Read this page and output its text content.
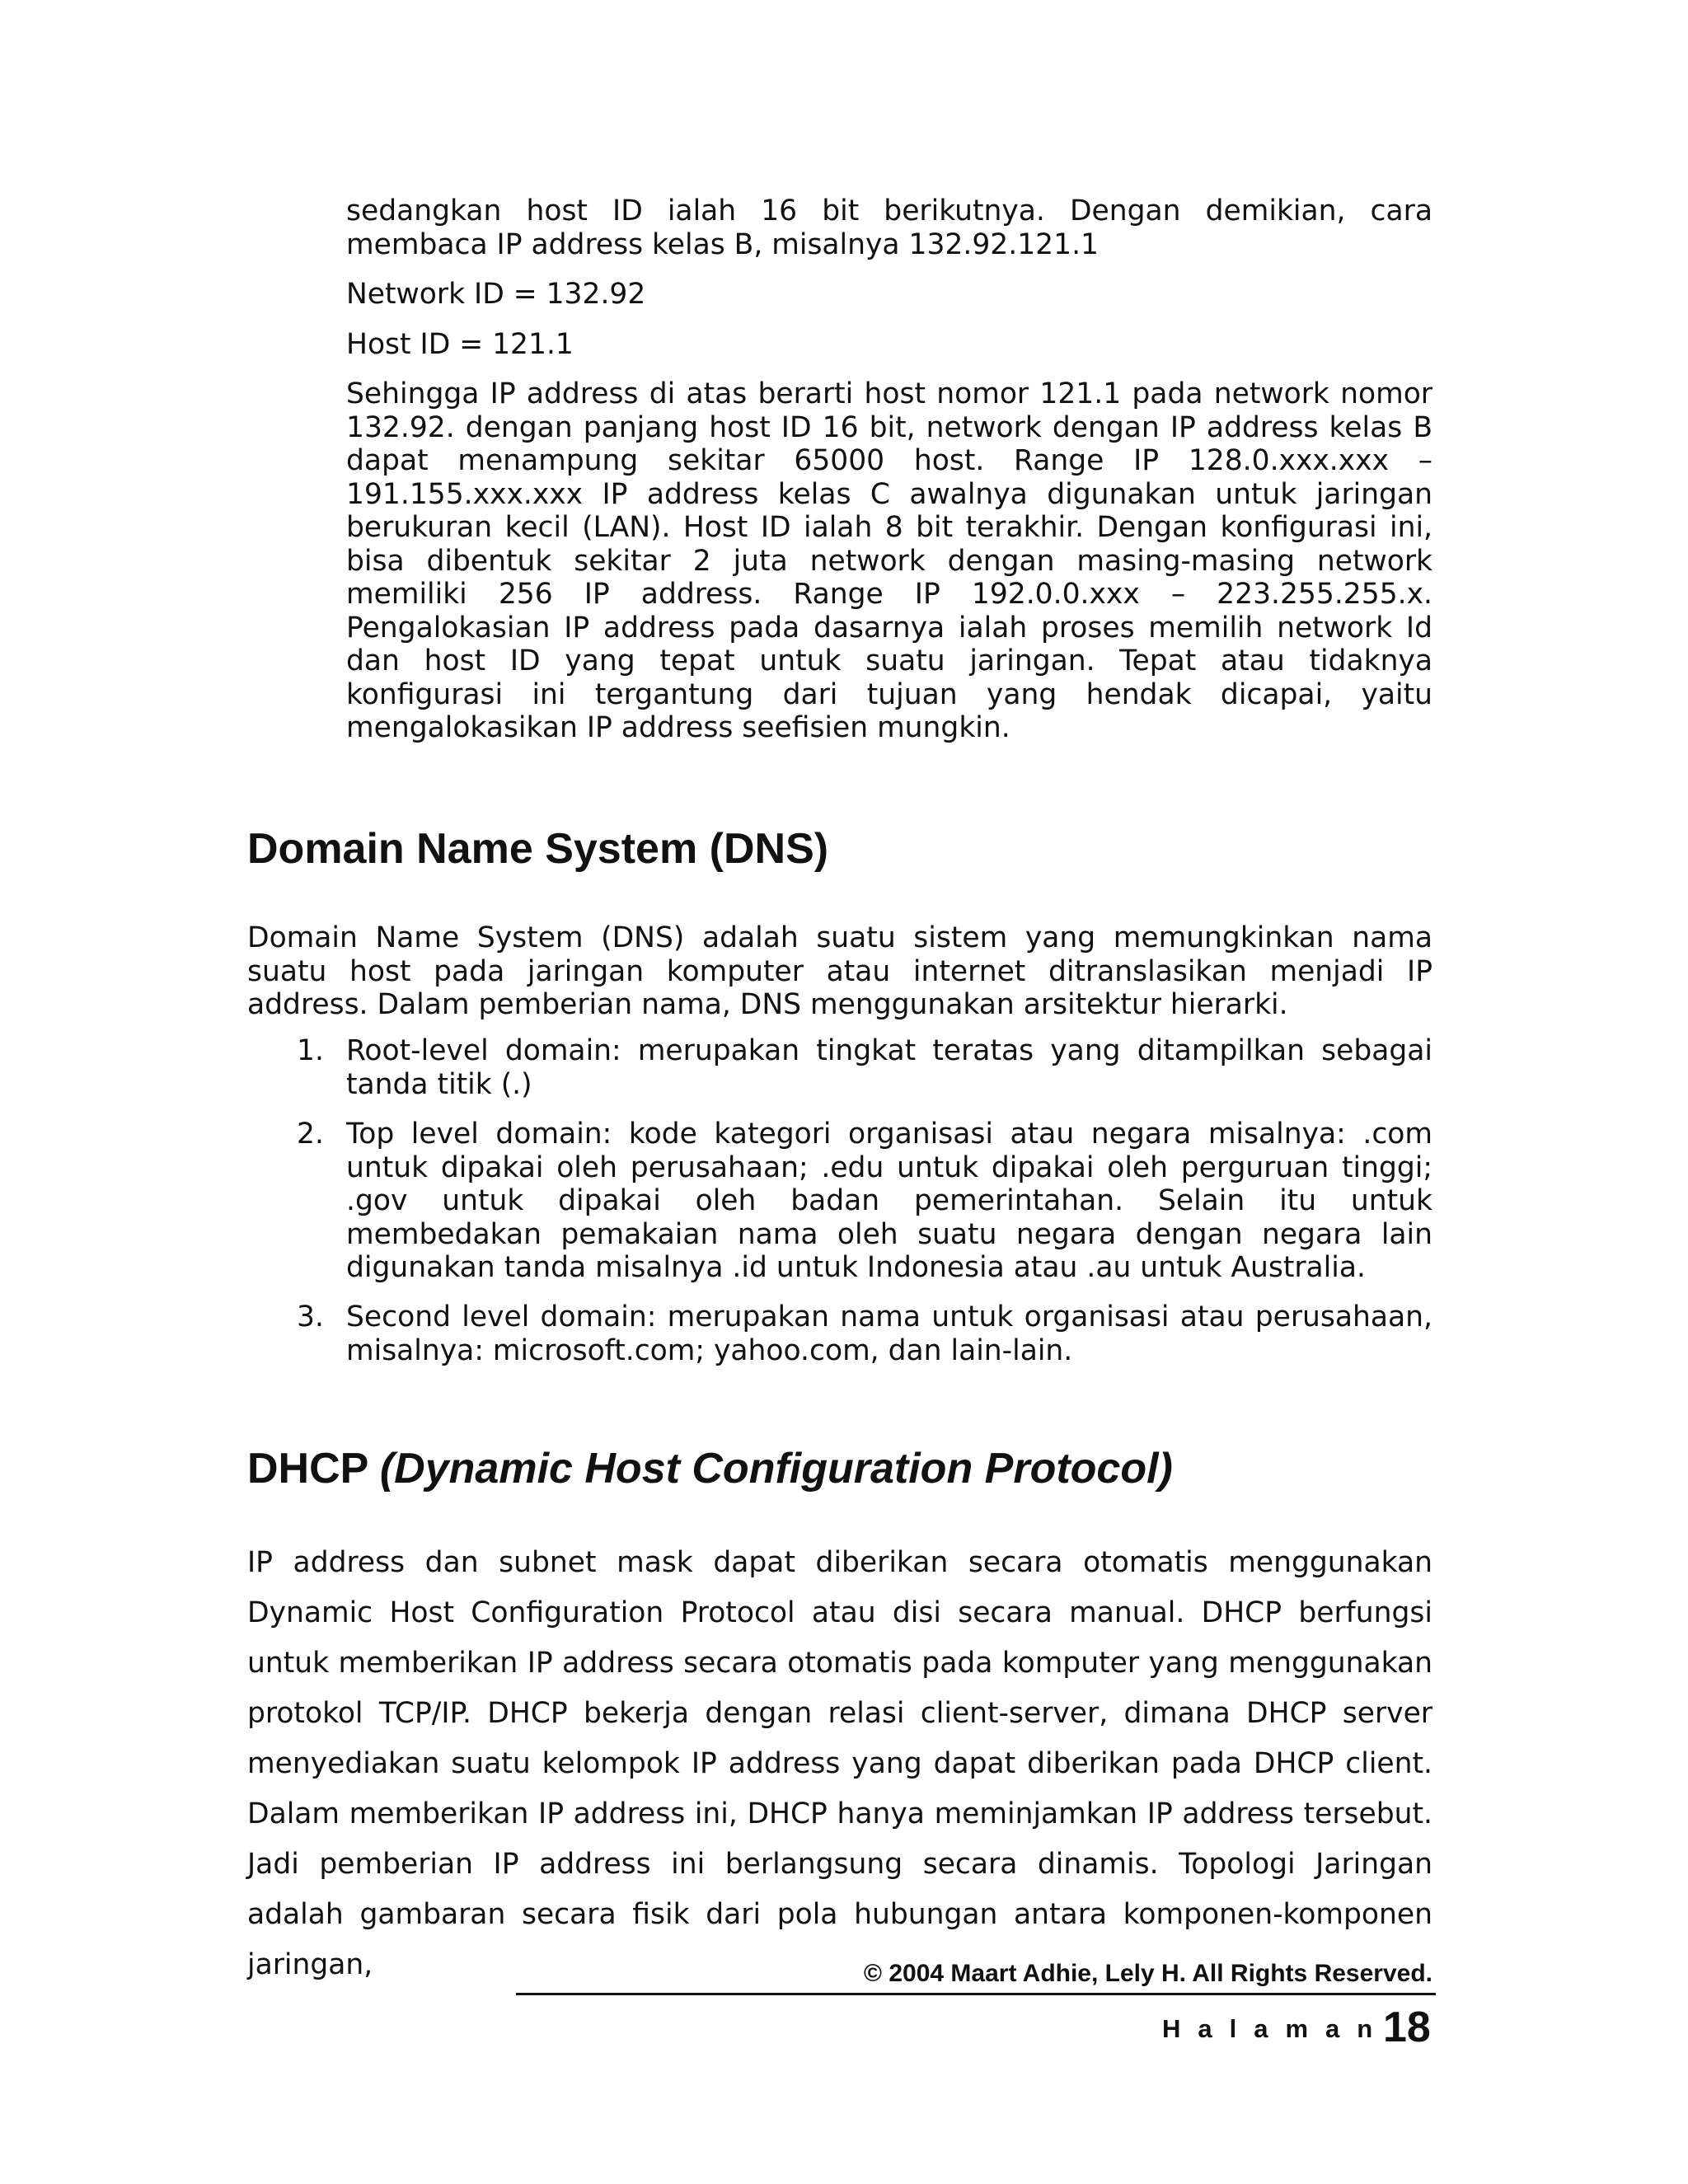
sedangkan host ID ialah 16 bit berikutnya. Dengan demikian, cara membaca IP address kelas B, misalnya 132.92.121.1

Network ID = 132.92

Host ID = 121.1

Sehingga IP address di atas berarti host nomor 121.1 pada network nomor 132.92. dengan panjang host ID 16 bit, network dengan IP address kelas B dapat menampung sekitar 65000 host. Range IP 128.0.xxx.xxx – 191.155.xxx.xxx IP address kelas C awalnya digunakan untuk jaringan berukuran kecil (LAN). Host ID ialah 8 bit terakhir. Dengan konfigurasi ini, bisa dibentuk sekitar 2 juta network dengan masing-masing network memiliki 256 IP address. Range IP 192.0.0.xxx – 223.255.255.x. Pengalokasian IP address pada dasarnya ialah proses memilih network Id dan host ID yang tepat untuk suatu jaringan. Tepat atau tidaknya konfigurasi ini tergantung dari tujuan yang hendak dicapai, yaitu mengalokasikan IP address seefisien mungkin.

Domain Name System (DNS)

Domain Name System (DNS) adalah suatu sistem yang memungkinkan nama suatu host pada jaringan komputer atau internet ditranslasikan menjadi IP address. Dalam pemberian nama, DNS menggunakan arsitektur hierarki.

1. Root-level domain: merupakan tingkat teratas yang ditampilkan sebagai tanda titik (.)
2. Top level domain: kode kategori organisasi atau negara misalnya: .com untuk dipakai oleh perusahaan; .edu untuk dipakai oleh perguruan tinggi; .gov untuk dipakai oleh badan pemerintahan. Selain itu untuk membedakan pemakaian nama oleh suatu negara dengan negara lain digunakan tanda misalnya .id untuk Indonesia atau .au untuk Australia.
3. Second level domain: merupakan nama untuk organisasi atau perusahaan, misalnya: microsoft.com; yahoo.com, dan lain-lain.
DHCP (Dynamic Host Configuration Protocol)

IP address dan subnet mask dapat diberikan secara otomatis menggunakan Dynamic Host Configuration Protocol atau disi secara manual. DHCP berfungsi untuk memberikan IP address secara otomatis pada komputer yang menggunakan protokol TCP/IP. DHCP bekerja dengan relasi client-server, dimana DHCP server menyediakan suatu kelompok IP address yang dapat diberikan pada DHCP client. Dalam memberikan IP address ini, DHCP hanya meminjamkan IP address tersebut. Jadi pemberian IP address ini berlangsung secara dinamis. Topologi Jaringan adalah gambaran secara fisik dari pola hubungan antara komponen-komponen jaringan,	© 2004 Maart Adhie, Lely H. All Rights Reserved.
Halaman
18
